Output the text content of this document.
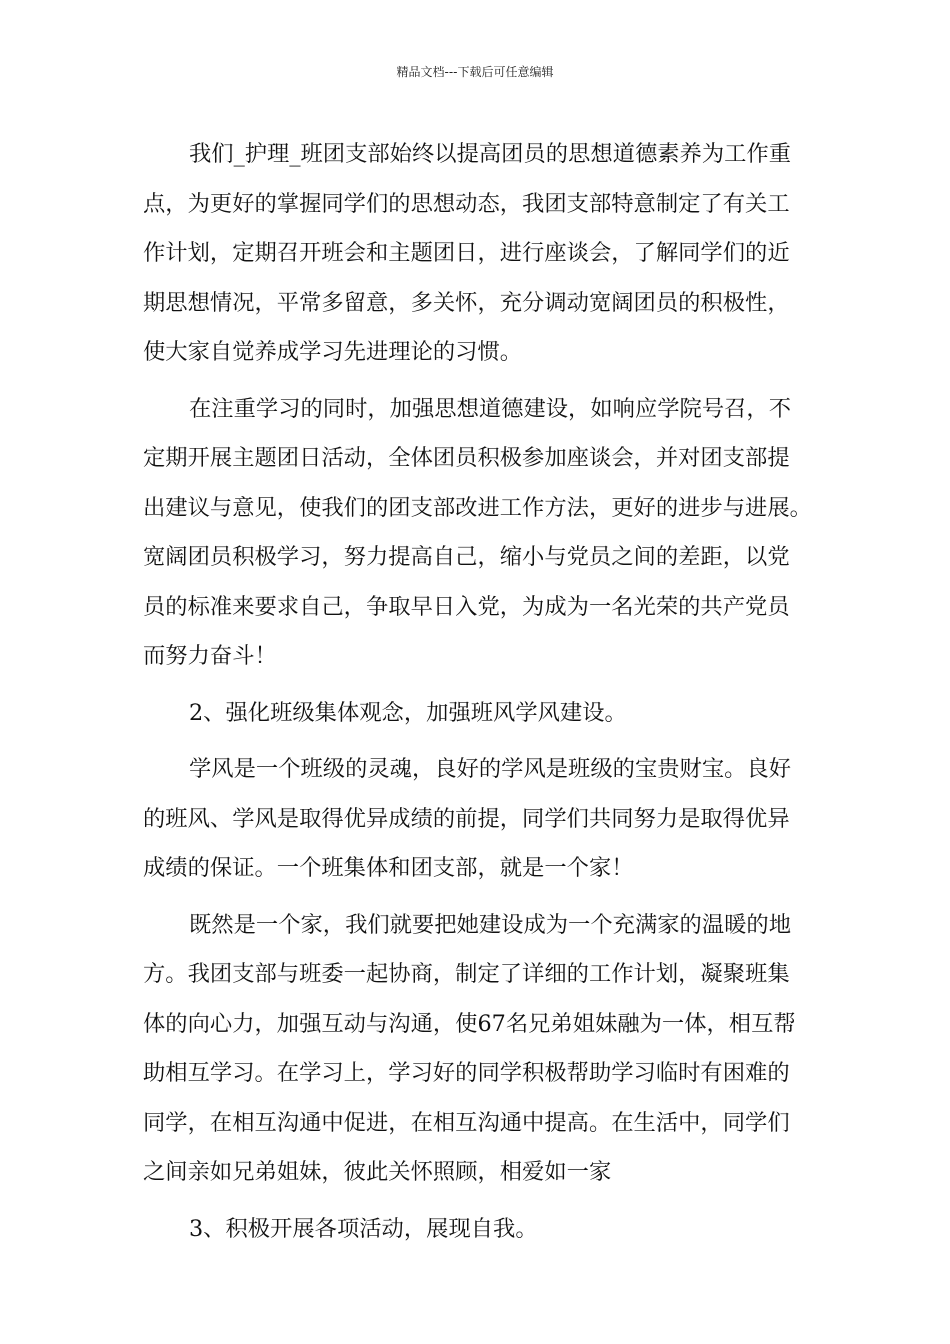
精品文档---下载后可任意编辑
我们_护理_班团支部始终以提高团员的思想道德素养为工作重
点，为更好的掌握同学们的思想动态，我团支部特意制定了有关工
作计划，定期召开班会和主题团日，进行座谈会，了解同学们的近
期思想情况，平常多留意，多关怀，充分调动宽阔团员的积极性，
使大家自觉养成学习先进理论的习惯。
在注重学习的同时，加强思想道德建设，如响应学院号召，不
定期开展主题团日活动，全体团员积极参加座谈会，并对团支部提
出建议与意见，使我们的团支部改进工作方法，更好的进步与进展。
宽阔团员积极学习，努力提高自己，缩小与党员之间的差距，以党
员的标准来要求自己，争取早日入党，为成为一名光荣的共产党员
而努力奋斗！
2、强化班级集体观念，加强班风学风建设。
学风是一个班级的灵魂，良好的学风是班级的宝贵财宝。良好
的班风、学风是取得优异成绩的前提，同学们共同努力是取得优异
成绩的保证。一个班集体和团支部，就是一个家！
既然是一个家，我们就要把她建设成为一个充满家的温暖的地
方。我团支部与班委一起协商，制定了详细的工作计划，凝聚班集
体的向心力，加强互动与沟通，使67名兄弟姐妹融为一体，相互帮
助相互学习。在学习上，学习好的同学积极帮助学习临时有困难的
同学，在相互沟通中促进，在相互沟通中提高。在生活中，同学们
之间亲如兄弟姐妹，彼此关怀照顾，相爱如一家
3、积极开展各项活动，展现自我。
